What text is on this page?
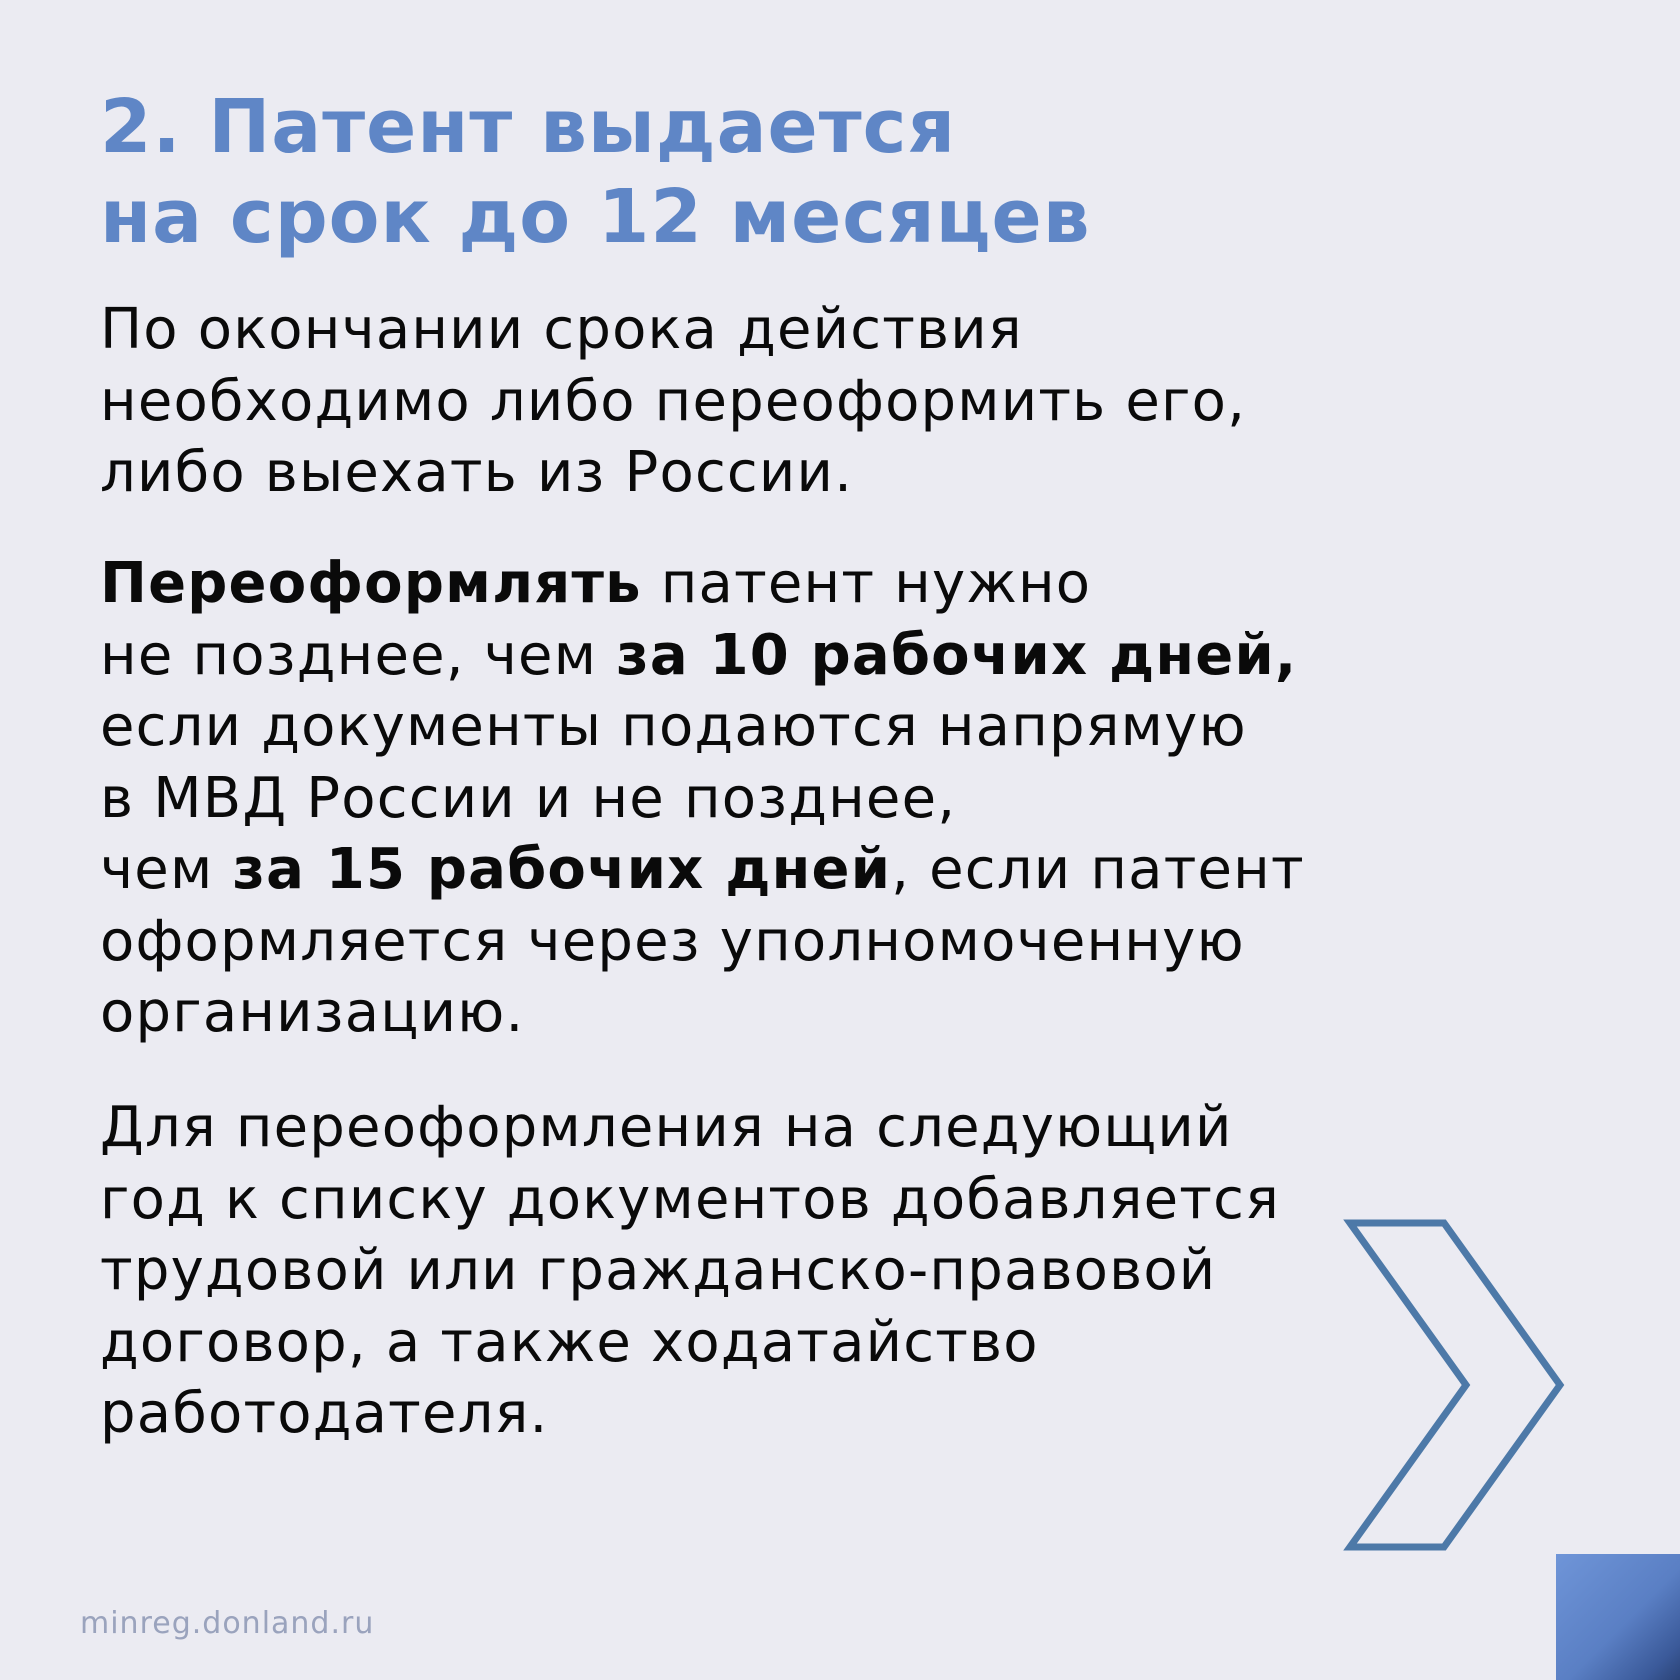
2. Патент выдается
на срок до 12 месяцев
По окончании срока действия
необходимо либо переоформить его,
либо выехать из России.
Переоформлять патент нужно
не позднее, чем за 10 рабочих дней,
если документы подаются напрямую
в МВД России и не позднее,
чем за 15 рабочих дней, если патент
оформляется через уполномоченную
организацию.
Для переоформления на следующий
год к списку документов добавляется
трудовой или гражданско-правовой
договор, а также ходатайство
работодателя.
minreg.donland.ru
